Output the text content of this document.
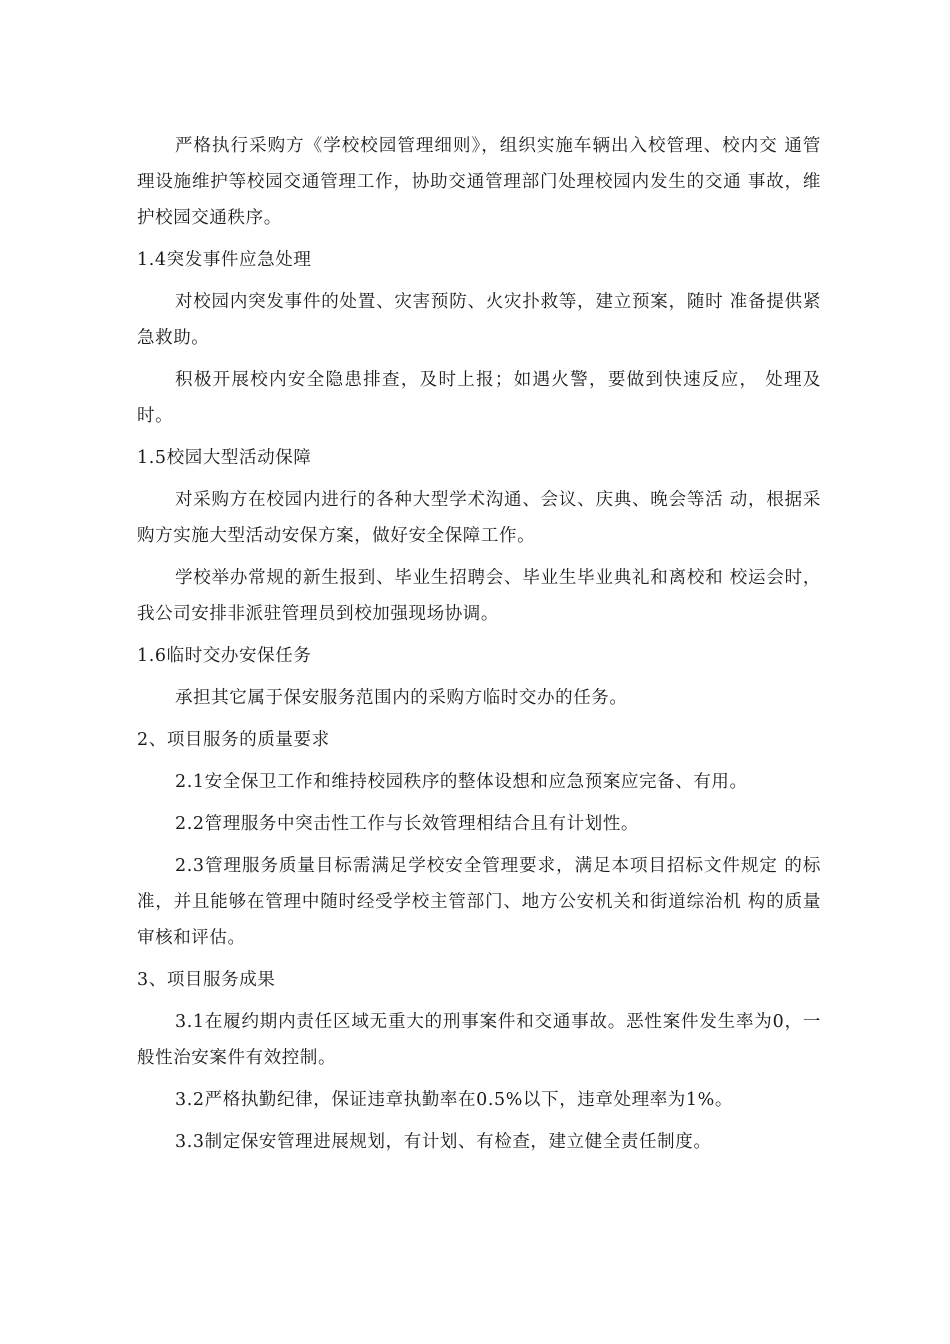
严格执行采购方《学校校园管理细则》，组织实施车辆出入校管理、校内交 通管理设施维护等校园交通管理工作，协助交通管理部门处理校园内发生的交通 事故，维护校园交通秩序。

1.4突发事件应急处理

对校园内突发事件的处置、灾害预防、火灾扑救等，建立预案，随时 准备提供紧急救助。

积极开展校内安全隐患排查，及时上报；如遇火警，要做到快速反应， 处理及时。

1.5校园大型活动保障

对采购方在校园内进行的各种大型学术沟通、会议、庆典、晚会等活 动，根据采购方实施大型活动安保方案，做好安全保障工作。

学校举办常规的新生报到、毕业生招聘会、毕业生毕业典礼和离校和 校运会时，我公司安排非派驻管理员到校加强现场协调。

1.6临时交办安保任务

承担其它属于保安服务范围内的采购方临时交办的任务。

2、项目服务的质量要求

2.1安全保卫工作和维持校园秩序的整体设想和应急预案应完备、有用。

2.2管理服务中突击性工作与长效管理相结合且有计划性。

2.3管理服务质量目标需满足学校安全管理要求，满足本项目招标文件规定 的标准，并且能够在管理中随时经受学校主管部门、地方公安机关和街道综治机 构的质量审核和评估。

3、项目服务成果

3.1在履约期内责任区域无重大的刑事案件和交通事故。恶性案件发生率为0，一般性治安案件有效控制。

3.2严格执勤纪律，保证违章执勤率在0.5%以下，违章处理率为1%。

3.3制定保安管理进展规划，有计划、有检查，建立健全责任制度。
